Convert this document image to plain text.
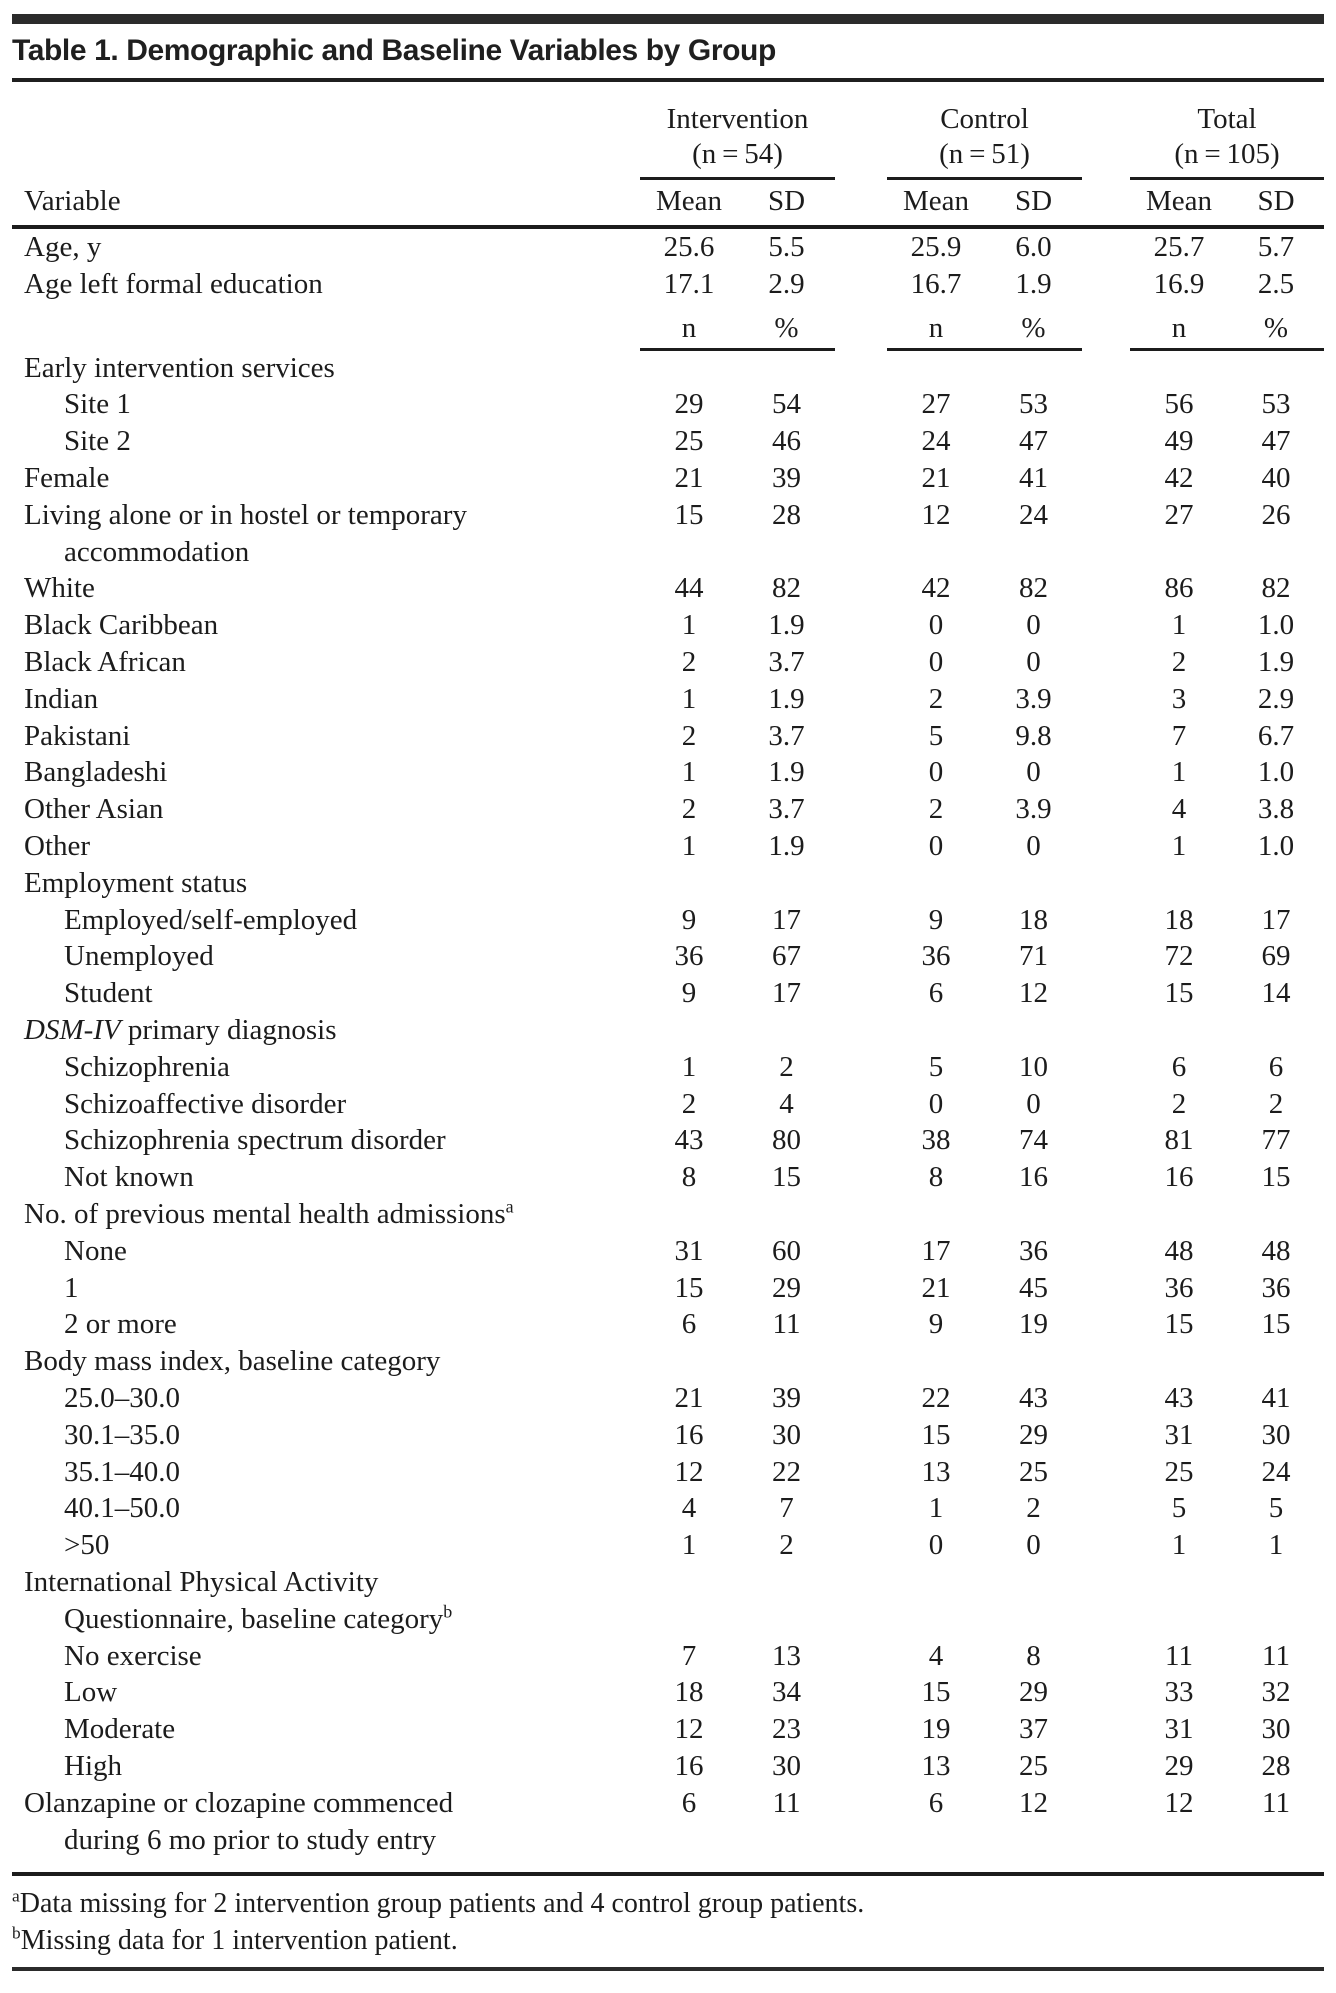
Table 1. Demographic and Baseline Variables by Group

Intervention
(n = 54)

Control
(n = 51)

Total
(n = 105)

Variable	Mean	SD		Mean	SD		Mean	SD
Age, y	25.6	5.5		25.9	6.0		25.7	5.7
Age left formal education	17.1	2.9		16.7	1.9		16.9	2.5
	n	%		n	%		n	%
Early intervention services								
Site 1	29	54		27	53		56	53
Site 2	25	46		24	47		49	47
Female	21	39		21	41		42	40
Living alone or in hostel or temporary
accommodation	15	28		12	24		27	26
White	44	82		42	82		86	82
Black Caribbean	1	1.9		0	0		1	1.0
Black African	2	3.7		0	0		2	1.9
Indian	1	1.9		2	3.9		3	2.9
Pakistani	2	3.7		5	9.8		7	6.7
Bangladeshi	1	1.9		0	0		1	1.0
Other Asian	2	3.7		2	3.9		4	3.8
Other	1	1.9		0	0		1	1.0
Employment status								
Employed/self-employed	9	17		9	18		18	17
Unemployed	36	67		36	71		72	69
Student	9	17		6	12		15	14
DSM-IV primary diagnosis								
Schizophrenia	1	2		5	10		6	6
Schizoaffective disorder	2	4		0	0		2	2
Schizophrenia spectrum disorder	43	80		38	74		81	77
Not known	8	15		8	16		16	15
No. of previous mental health admissions$^a$								
None	31	60		17	36		48	48
1	15	29		21	45		36	36
2 or more	6	11		9	19		15	15
Body mass index, baseline category								
25.0–30.0	21	39		22	43		43	41
30.1–35.0	16	30		15	29		31	30
35.1–40.0	12	22		13	25		25	24
40.1–50.0	4	7		1	2		5	5
>50	1	2		0	0		1	1
International Physical Activity
Questionnaire, baseline category$^b$								
No exercise	7	13		4	8		11	11
Low	18	34		15	29		33	32
Moderate	12	23		19	37		31	30
High	16	30		13	25		29	28
Olanzapine or clozapine commenced
during 6 mo prior to study entry	6	11		6	12		12	11

$^a$Data missing for 2 intervention group patients and 4 control group patients.

$^b$Missing data for 1 intervention patient.
